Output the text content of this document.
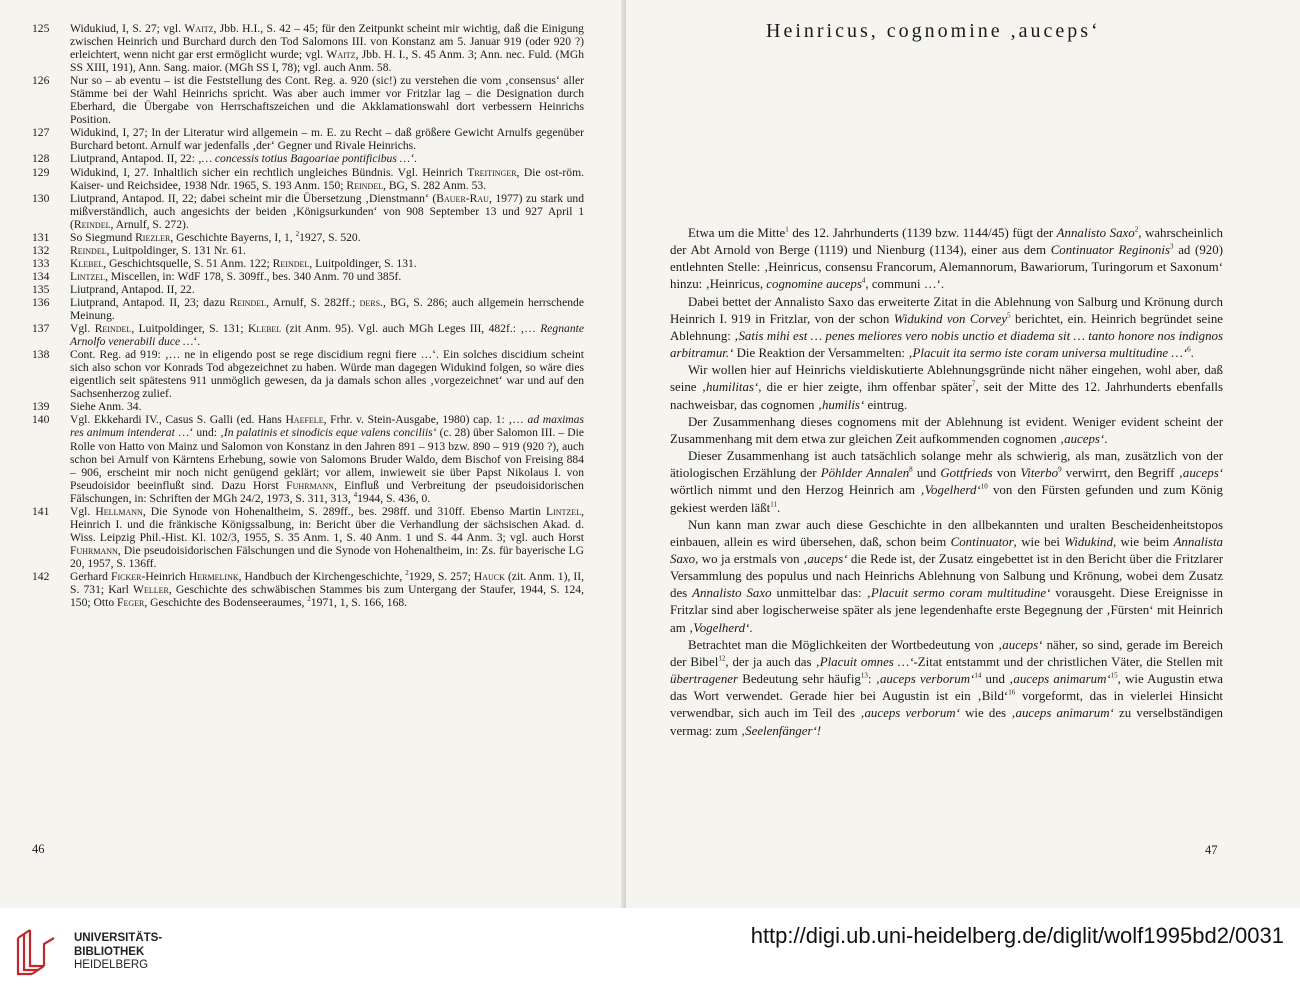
125	Widukiud, I, S. 27; vgl. Waitz, Jbb. H.I., S. 42 – 45; für den Zeitpunkt scheint mir wichtig, daß die Einigung zwischen Heinrich und Burchard durch den Tod Salomons III. von Konstanz am 5. Januar 919 (oder 920 ?) erleichtert, wenn nicht gar erst ermöglicht wurde; vgl. Waitz, Jbb. H. I., S. 45 Anm. 3; Ann. nec. Fuld. (MGh SS XIII, 191), Ann. Sang. maior. (MGh SS I, 78); vgl. auch Anm. 58.
126	Nur so – ab eventu – ist die Feststellung des Cont. Reg. a. 920 (sic!) zu verstehen die vom ‚consensus‘ aller Stämme bei der Wahl Heinrichs spricht. Was aber auch immer vor Fritzlar lag – die Designation durch Eberhard, die Übergabe von Herrschaftszeichen und die Akklamationswahl dort verbessern Heinrichs Position.
127	Widukind, I, 27; In der Literatur wird allgemein – m. E. zu Recht – daß größere Gewicht Arnulfs gegenüber Burchard betont. Arnulf war jedenfalls ‚der‘ Gegner und Rivale Heinrichs.
128	Liutprand, Antapod. II, 22: ‚… concessis totius Bagoariae pontificibus …‘.
129	Widukind, I, 27. Inhaltlich sicher ein rechtlich ungleiches Bündnis. Vgl. Heinrich Treitinger, Die ost-röm. Kaiser- und Reichsidee, 1938 Ndr. 1965, S. 193 Anm. 150; Reindel, BG, S. 282 Anm. 53.
130	Liutprand, Antapod. II, 22; dabei scheint mir die Übersetzung ‚Dienstmann‘ (Bauer-Rau, 1977) zu stark und mißverständlich, auch angesichts der beiden ‚Königsurkunden‘ von 908 September 13 und 927 April 1 (Reindel, Arnulf, S. 272).
131	So Siegmund Riezler, Geschichte Bayerns, I, 1, $^2$1927, S. 520.
132	Reindel, Luitpoldinger, S. 131 Nr. 61.
133	Klebel, Geschichtsquelle, S. 51 Anm. 122; Reindel, Luitpoldinger, S. 131.
134	Lintzel, Miscellen, in: WdF 178, S. 309ff., bes. 340 Anm. 70 und 385f.
135	Liutprand, Antapod. II, 22.
136	Liutprand, Antapod. II, 23; dazu Reindel, Arnulf, S. 282ff.; ders., BG, S. 286; auch allgemein herrschende Meinung.
137	Vgl. Reindel, Luitpoldinger, S. 131; Klebel (zit Anm. 95). Vgl. auch MGh Leges III, 482f.: ‚… Regnante Arnolfo venerabili duce …‘.
138	Cont. Reg. ad 919: ‚… ne in eligendo post se rege discidium regni fiere …‘. Ein solches discidium scheint sich also schon vor Konrads Tod abgezeichnet zu haben. Würde man dagegen Widukind folgen, so wäre dies eigentlich seit spätestens 911 unmöglich gewesen, da ja damals schon alles ‚vorgezeichnet‘ war und auf den Sachsenherzog zulief.
139	Siehe Anm. 34.
140	Vgl. Ekkehardi IV., Casus S. Galli (ed. Hans Haefele, Frhr. v. Stein-Ausgabe, 1980) cap. 1: ‚… ad maximas res animum intenderat …‘ und: ‚In palatinis et sinodicis eque valens conciliis‘ (c. 28) über Salomon III. – Die Rolle von Hatto von Mainz und Salomon von Konstanz in den Jahren 891 – 913 bzw. 890 – 919 (920 ?), auch schon bei Arnulf von Kärntens Erhebung, sowie von Salomons Bruder Waldo, dem Bischof von Freising 884 – 906, erscheint mir noch nicht genügend geklärt; vor allem, inwieweit sie über Papst Nikolaus I. von Pseudoisidor beeinflußt sind. Dazu Horst Fuhrmann, Einfluß und Verbreitung der pseudoisidorischen Fälschungen, in: Schriften der MGh 24/2, 1973, S. 311, 313, $^4$1944, S. 436, 0.
141	Vgl. Hellmann, Die Synode von Hohenaltheim, S. 289ff., bes. 298ff. und 310ff. Ebenso Martin Lintzel, Heinrich I. und die fränkische Königssalbung, in: Bericht über die Verhandlung der sächsischen Akad. d. Wiss. Leipzig Phil.-Hist. Kl. 102/3, 1955, S. 35 Anm. 1, S. 40 Anm. 1 und S. 44 Anm. 3; vgl. auch Horst Fuhrmann, Die pseudoisidorischen Fälschungen und die Synode von Hohenaltheim, in: Zs. für bayerische LG 20, 1957, S. 136ff.
142	Gerhard Ficker-Heinrich Hermelink, Handbuch der Kirchengeschichte, $^2$1929, S. 257; Hauck (zit. Anm. 1), II, S. 731; Karl Weller, Geschichte des schwäbischen Stammes bis zum Untergang der Staufer, 1944, S. 124, 150; Otto Feger, Geschichte des Bodenseeraumes, $^2$1971, 1, S. 166, 168.
46
Heinricus, cognomine ,auceps‘

Etwa um die Mitte$^1$ des 12. Jahrhunderts (1139 bzw. 1144/45) fügt der Annalisto Saxo$^2$, wahrscheinlich der Abt Arnold von Berge (1119) und Nienburg (1134), einer aus dem Continuator Reginonis$^3$ ad (920) entlehnten Stelle: ‚Heinricus, consensu Francorum, Alemannorum, Bawariorum, Turingorum et Saxonum‘ hinzu: ‚Heinricus, cognomine auceps$^4$, communi …‘.

Dabei bettet der Annalisto Saxo das erweiterte Zitat in die Ablehnung von Salburg und Krönung durch Heinrich I. 919 in Fritzlar, von der schon Widukind von Corvey$^5$ berichtet, ein. Heinrich begründet seine Ablehnung: ‚Satis mihi est … penes meliores vero nobis unctio et diadema sit … tanto honore nos indignos arbitramur.‘ Die Reaktion der Versammelten: ‚Placuit ita sermo iste coram universa multitudine …‘$^6$.

Wir wollen hier auf Heinrichs vieldiskutierte Ablehnungsgründe nicht näher eingehen, wohl aber, daß seine ‚humilitas‘, die er hier zeigte, ihm offenbar später$^7$, seit der Mitte des 12. Jahrhunderts ebenfalls nachweisbar, das cognomen ‚humilis‘ eintrug.

Der Zusammenhang dieses cognomens mit der Ablehnung ist evident. Weniger evident scheint der Zusammenhang mit dem etwa zur gleichen Zeit aufkommenden cognomen ‚auceps‘.

Dieser Zusammenhang ist auch tatsächlich solange mehr als schwierig, als man, zusätzlich von der ätiologischen Erzählung der Pöhlder Annalen$^8$ und Gottfrieds von Viterbo$^9$ verwirrt, den Begriff ‚auceps‘ wörtlich nimmt und den Herzog Heinrich am ‚Vogelherd‘$^{10}$ von den Fürsten gefunden und zum König gekiest werden läßt$^{11}$.

Nun kann man zwar auch diese Geschichte in den allbekannten und uralten Bescheidenheitstopos einbauen, allein es wird übersehen, daß, schon beim Continuator, wie bei Widukind, wie beim Annalista Saxo, wo ja erstmals von ‚auceps‘ die Rede ist, der Zusatz eingebettet ist in den Bericht über die Fritzlarer Versammlung des populus und nach Heinrichs Ablehnung von Salbung und Krönung, wobei dem Zusatz des Annalisto Saxo unmittelbar das: ‚Placuit sermo coram multitudine‘ vorausgeht. Diese Ereignisse in Fritzlar sind aber logischerweise später als jene legendenhafte erste Begegnung der ‚Fürsten‘ mit Heinrich am ‚Vogelherd‘.

Betrachtet man die Möglichkeiten der Wortbedeutung von ‚auceps‘ näher, so sind, gerade im Bereich der Bibel$^{12}$, der ja auch das ‚Placuit omnes …‘-Zitat entstammt und der christlichen Väter, die Stellen mit übertragener Bedeutung sehr häufig$^{13}$: ‚auceps verborum‘$^{14}$ und ‚auceps animarum‘$^{15}$, wie Augustin etwa das Wort verwendet. Gerade hier bei Augustin ist ein ‚Bild‘$^{16}$ vorgeformt, das in vielerlei Hinsicht verwendbar, sich auch im Teil des ‚auceps verborum‘ wie des ‚auceps animarum‘ zu verselbständigen vermag: zum ‚Seelenfänger‘!

47
UNIVERSITÄTS-
BIBLIOTHEK
HEIDELBERG
http://digi.ub.uni-heidelberg.de/diglit/wolf1995bd2/0031
